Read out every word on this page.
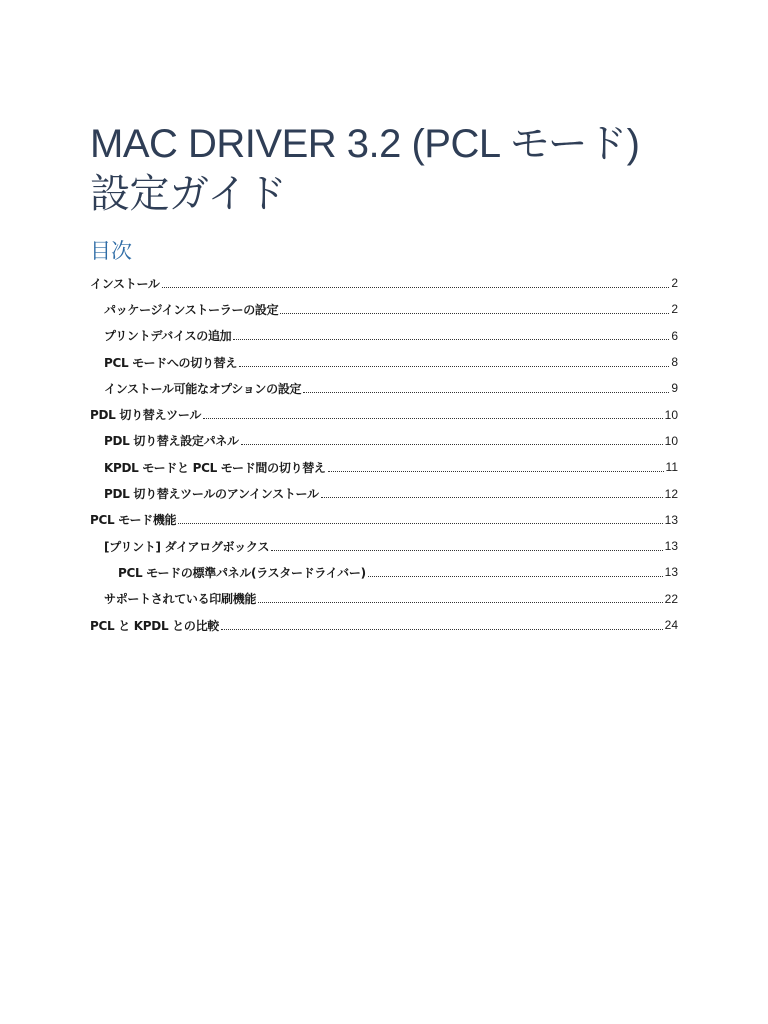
MAC DRIVER 3.2 (PCL モード)
設定ガイド
目次
インストール	2
パッケージインストーラーの設定	2
プリントデバイスの追加	6
PCL モードへの切り替え	8
インストール可能なオプションの設定	9
PDL 切り替えツール	10
PDL 切り替え設定パネル	10
KPDL モードと PCL モード間の切り替え	11
PDL 切り替えツールのアンインストール	12
PCL モード機能	13
[プリント] ダイアログボックス	13
PCL モードの標準パネル(ラスタードライバー)	13
サポートされている印刷機能	22
PCL と KPDL との比較	24
